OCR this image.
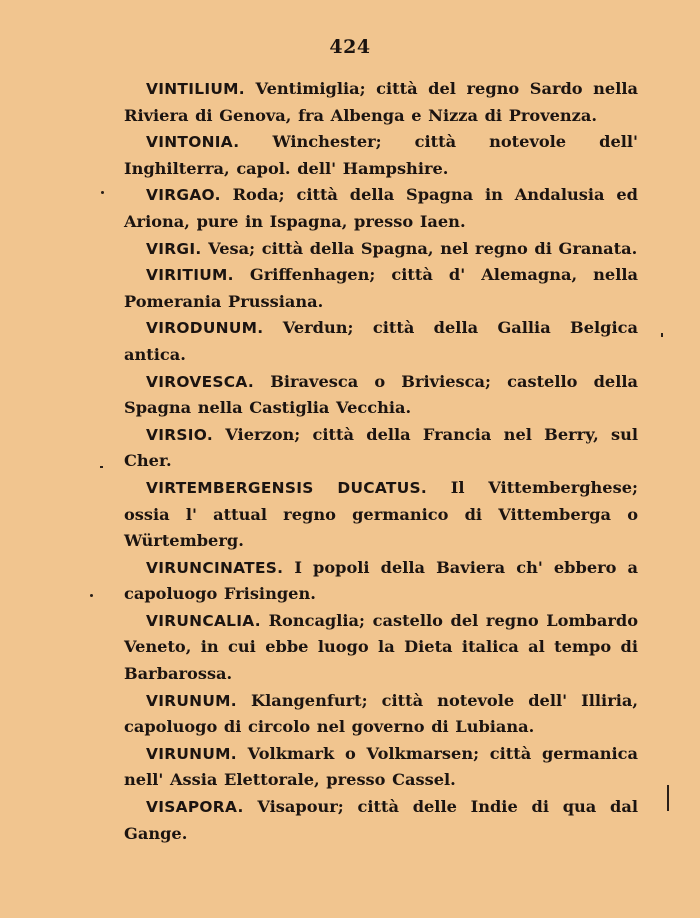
424

VINTILIUM. Ventimiglia; città del regno Sardo nella Riviera di Genova, fra Albenga e Nizza di Provenza.

VINTONIA. Winchester; città notevole dell' Inghilterra, capol. dell' Hampshire.

VIRGAO. Roda; città della Spagna in Andalusia ed Ariona, pure in Ispagna, presso Iaen.

VIRGI. Vesa; città della Spagna, nel regno di Granata.

VIRITIUM. Griffenhagen; città d' Alemagna, nella Pomerania Prussiana.

VIRODUNUM. Verdun; città della Gallia Belgica antica.

VIROVESCA. Biravesca o Briviesca; castello della Spagna nella Castiglia Vecchia.

VIRSIO. Vierzon; città della Francia nel Berry, sul Cher.

VIRTEMBERGENSIS DUCATUS. Il Vittemberghese; ossia l' attual regno germanico di Vittemberga o Würtemberg.

VIRUNCINATES. I popoli della Baviera ch' ebbero a capoluogo Frisingen.

VIRUNCALIA. Roncaglia; castello del regno Lombardo Veneto, in cui ebbe luogo la Dieta italica al tempo di Barbarossa.

VIRUNUM. Klangenfurt; città notevole dell' Illiria, capoluogo di circolo nel governo di Lubiana.

VIRUNUM. Volkmark o Volkmarsen; città germanica nell' Assia Elettorale, presso Cassel.

VISAPORA. Visapour; città delle Indie di qua dal Gange.
